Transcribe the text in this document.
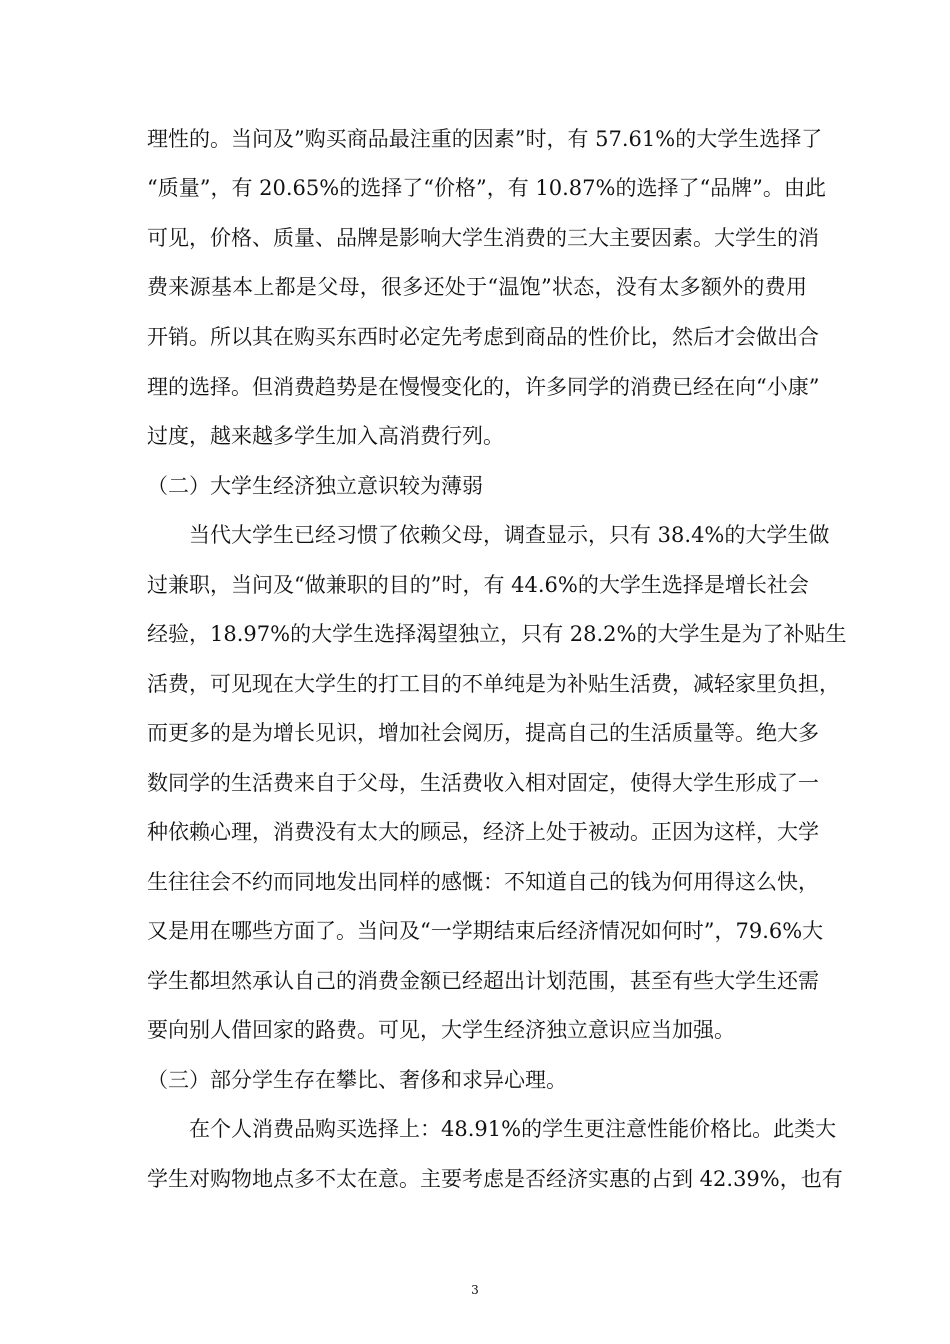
理性的。当问及”购买商品最注重的因素”时，有 57.61%的大学生选择了
“质量”，有 20.65%的选择了“价格”，有 10.87%的选择了“品牌”。由此
可见，价格、质量、品牌是影响大学生消费的三大主要因素。大学生的消
费来源基本上都是父母，很多还处于“温饱”状态，没有太多额外的费用
开销。所以其在购买东西时必定先考虑到商品的性价比，然后才会做出合
理的选择。但消费趋势是在慢慢变化的，许多同学的消费已经在向“小康”
过度，越来越多学生加入高消费行列。
（二）大学生经济独立意识较为薄弱
当代大学生已经习惯了依赖父母，调查显示，只有 38.4%的大学生做
过兼职，当问及“做兼职的目的”时，有 44.6%的大学生选择是增长社会
经验，18.97%的大学生选择渴望独立，只有 28.2%的大学生是为了补贴生
活费，可见现在大学生的打工目的不单纯是为补贴生活费，减轻家里负担，
而更多的是为增长见识，增加社会阅历，提高自己的生活质量等。绝大多
数同学的生活费来自于父母，生活费收入相对固定，使得大学生形成了一
种依赖心理，消费没有太大的顾忌，经济上处于被动。正因为这样，大学
生往往会不约而同地发出同样的感慨：不知道自己的钱为何用得这么快，
又是用在哪些方面了。当问及“一学期结束后经济情况如何时”，79.6%大
学生都坦然承认自己的消费金额已经超出计划范围，甚至有些大学生还需
要向别人借回家的路费。可见，大学生经济独立意识应当加强。
（三）部分学生存在攀比、奢侈和求异心理。
在个人消费品购买选择上：48.91%的学生更注意性能价格比。此类大
学生对购物地点多不太在意。主要考虑是否经济实惠的占到 42.39%，也有
3
